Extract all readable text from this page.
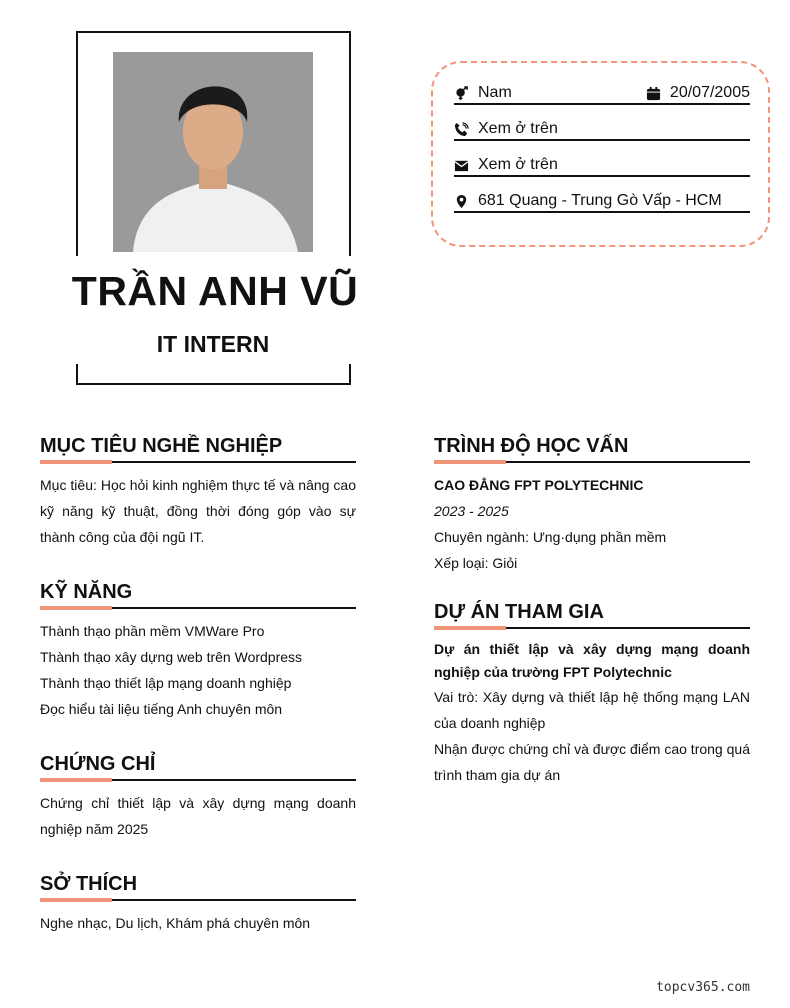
TRẦN ANH VŨ
IT INTERN
Nam	20/07/2005
Xem ở trên
Xem ở trên
681 Quang - Trung Gò Vấp - HCM
MỤC TIÊU NGHỀ NGHIỆP
Mục tiêu: Học hỏi kinh nghiệm thực tế và nâng cao kỹ năng kỹ thuật, đồng thời đóng góp vào sự thành công của đội ngũ IT.
KỸ NĂNG
Thành thạo phần mềm VMWare Pro
Thành thạo xây dựng web trên Wordpress
Thành thạo thiết lập mạng doanh nghiệp
Đọc hiểu tài liệu tiếng Anh chuyên môn
CHỨNG CHỈ
Chứng chỉ thiết lập và xây dựng mạng doanh nghiệp năm 2025
SỞ THÍCH
Nghe nhạc, Du lịch, Khám phá chuyên môn
TRÌNH ĐỘ HỌC VẤN
CAO ĐẲNG FPT POLYTECHNIC
2023 - 2025
Chuyên ngành: Ưng·dụng phần mềm
Xếp loại: Giỏi
DỰ ÁN THAM GIA
Dự án thiết lập và xây dựng mạng doanh nghiệp của trường FPT Polytechnic
Vai trò: Xây dựng và thiết lập hệ thống mạng LAN của doanh nghiệp
Nhận được chứng chỉ và được điểm cao trong quá trình tham gia dự án
topcv365.com
